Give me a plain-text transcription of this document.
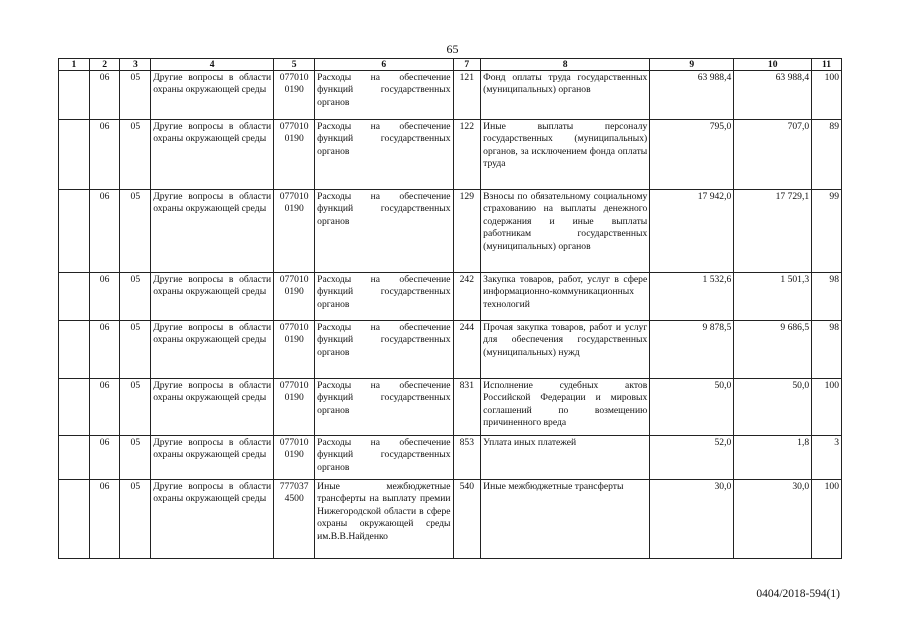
65
1	2	3	4	5	6	7	8	9	10	11
	06	05	Другие вопросы в области охраны окружающей среды	077010 0190	Расходы на обеспечение функций государственных органов	121	Фонд оплаты труда государственных (муниципальных) органов	63 988,4	63 988,4	100
	06	05	Другие вопросы в области охраны окружающей среды	077010 0190	Расходы на обеспечение функций государственных органов	122	Иные выплаты персоналу государственных (муниципальных) органов, за исключением фонда оплаты труда	795,0	707,0	89
	06	05	Другие вопросы в области охраны окружающей среды	077010 0190	Расходы на обеспечение функций государственных органов	129	Взносы по обязательному социальному страхованию на выплаты денежного содержания и иные выплаты работникам государственных (муниципальных) органов	17 942,0	17 729,1	99
	06	05	Другие вопросы в области охраны окружающей среды	077010 0190	Расходы на обеспечение функций государственных органов	242	Закупка товаров, работ, услуг в сфере информационно-коммуникационных технологий	1 532,6	1 501,3	98
	06	05	Другие вопросы в области охраны окружающей среды	077010 0190	Расходы на обеспечение функций государственных органов	244	Прочая закупка товаров, работ и услуг для обеспечения государственных (муниципальных) нужд	9 878,5	9 686,5	98
	06	05	Другие вопросы в области охраны окружающей среды	077010 0190	Расходы на обеспечение функций государственных органов	831	Исполнение судебных актов Российской Федерации и мировых соглашений по возмещению причиненного вреда	50,0	50,0	100
	06	05	Другие вопросы в области охраны окружающей среды	077010 0190	Расходы на обеспечение функций государственных органов	853	Уплата иных платежей	52,0	1,8	3
	06	05	Другие вопросы в области охраны окружающей среды	777037 4500	Иные межбюджетные трансферты на выплату премии Нижегородской области в сфере охраны окружающей среды им.В.В.Найденко	540	Иные межбюджетные трансферты	30,0	30,0	100
0404/2018-594(1)
